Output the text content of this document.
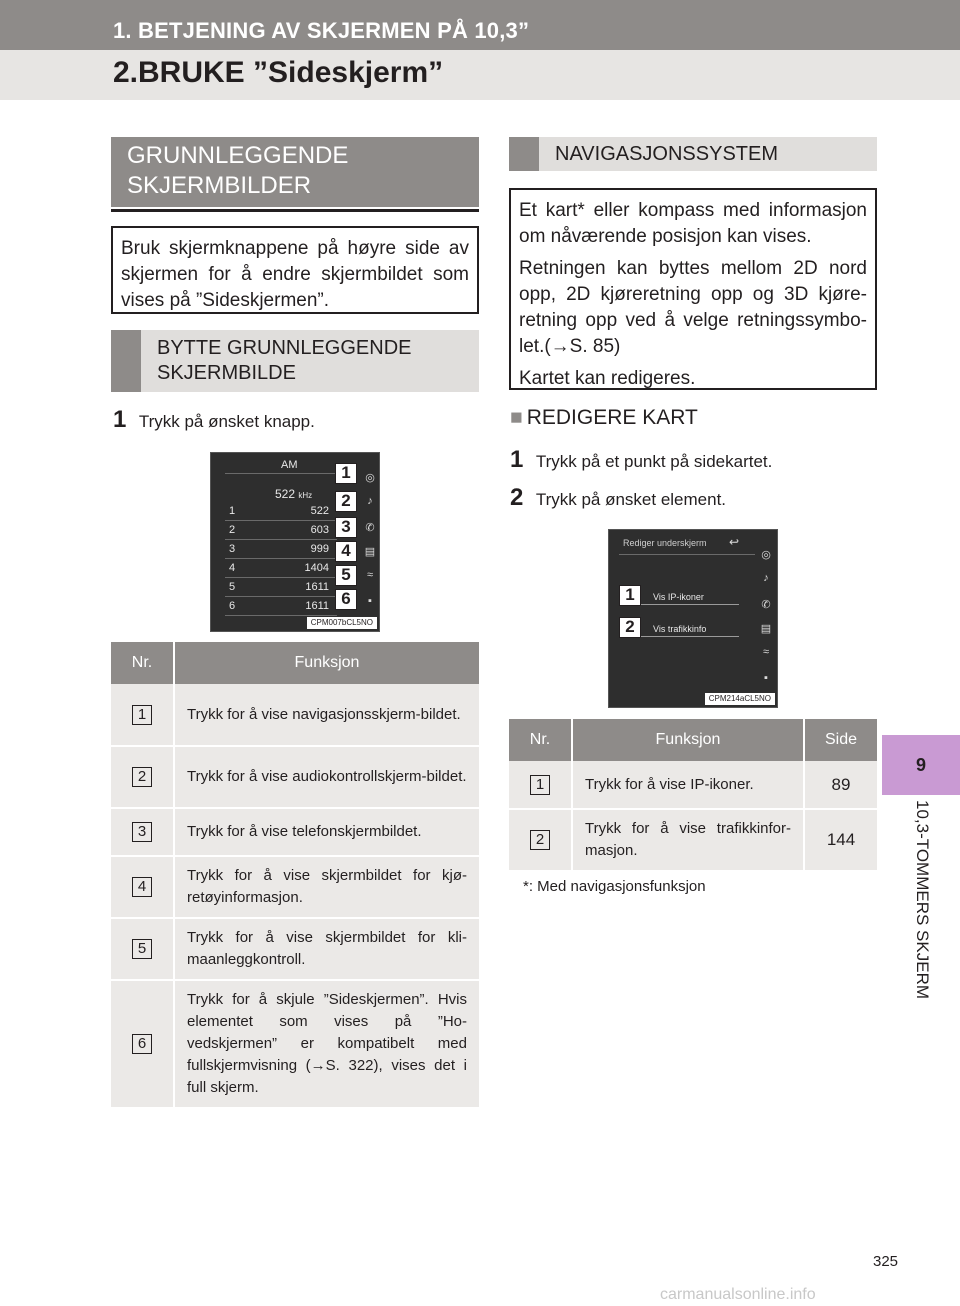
1. BETJENING AV SKJERMEN PÅ 10,3”
2.BRUKE ”Sideskjerm”
9
10,3-TOMMERS SKJERM
GRUNNLEGGENDE SKJERMBILDER
Bruk skjermknappene på høyre side av skjermen for å endre skjermbildet som vises på ”Sideskjermen”.
BYTTE GRUNNLEGGENDE SKJERMBILDE
1 Trykk på ønsket knapp.
AM
522 kHz
1	522
2	603
3	999
4	1404
5	1611
6	1611
◎
♪
✆
▤
≈
▪
1
2
3
4
5
6
CPM007bCL5NO
Nr.	Funksjon
1	Trykk for å vise navigasjonsskjerm-bildet.
2	Trykk for å vise audiokontrollskjerm-bildet.
3	Trykk for å vise telefonskjermbildet.
4	Trykk for å vise skjermbildet for kjø-retøyinformasjon.
5	Trykk for å vise skjermbildet for kli-maanleggkontroll.
6	Trykk for å skjule ”Sideskjermen”. Hvis elementet som vises på ”Ho-vedskjermen” er kompatibelt med fullskjermvisning (→S. 322), vises det i full skjerm.
NAVIGASJONSSYSTEM
Et kart* eller kompass med informasjon om nåværende posisjon kan vises.
Retningen kan byttes mellom 2D nord opp, 2D kjøreretning opp og 3D kjøre-retning opp ved å velge retningssymbo-let.(→S. 85)
Kartet kan redigeres.
■ REDIGERE KART
1 Trykk på et punkt på sidekartet.
2 Trykk på ønsket element.
Rediger underskjerm ↩
Vis IP-ikoner
Vis trafikkinfo
◎
♪
✆
▤
≈
▪
1
2
CPM214aCL5NO
Nr.	Funksjon	Side
1	Trykk for å vise IP-ikoner.	89
2	Trykk for å vise trafikkinfor-masjon.	144
*: Med navigasjonsfunksjon
325
carmanualsonline.info
